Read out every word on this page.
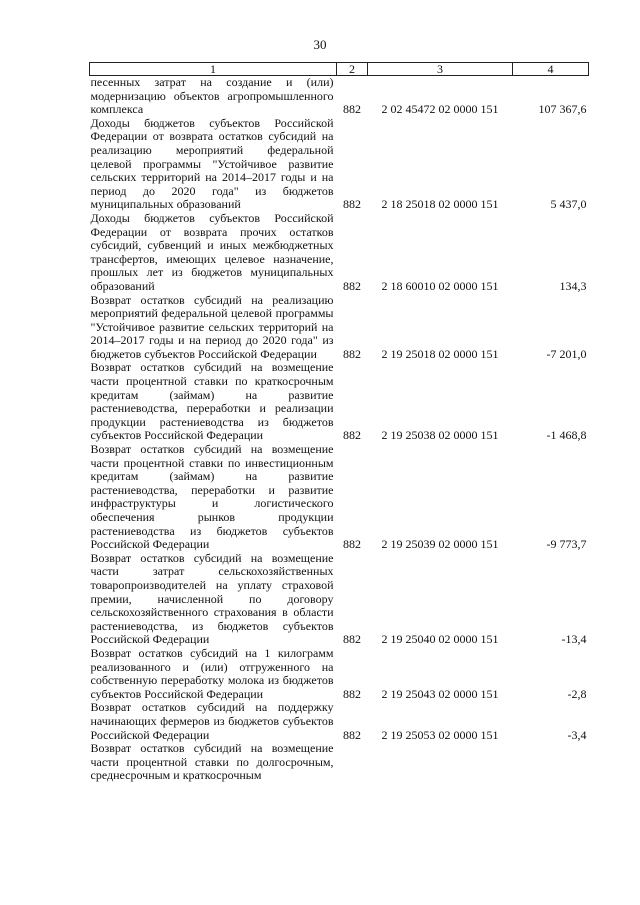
30
1	2	3	4
песенных затрат на создание и (или) модернизацию объектов агропромышленного комплекса	882	2 02 45472 02 0000 151	107 367,6
Доходы бюджетов субъектов Российской Федерации от возврата остатков субсидий на реализацию мероприятий федеральной целевой программы "Устойчивое развитие сельских территорий на 2014–2017 годы и на период до 2020 года" из бюджетов муниципальных образований	882	2 18 25018 02 0000 151	5 437,0
Доходы бюджетов субъектов Российской Федерации от возврата прочих остатков субсидий, субвенций и иных межбюджетных трансфертов, имеющих целевое назначение, прошлых лет из бюджетов муниципальных образований	882	2 18 60010 02 0000 151	134,3
Возврат остатков субсидий на реализацию мероприятий федеральной целевой программы "Устойчивое развитие сельских территорий на 2014–2017 годы и на период до 2020 года" из бюджетов субъектов Российской Федерации	882	2 19 25018 02 0000 151	-7 201,0
Возврат остатков субсидий на возмещение части процентной ставки по краткосрочным кредитам (займам) на развитие растениеводства, переработки и реализации продукции растениеводства из бюджетов субъектов Российской Федерации	882	2 19 25038 02 0000 151	-1 468,8
Возврат остатков субсидий на возмещение части процентной ставки по инвестиционным кредитам (займам) на развитие растениеводства, переработки и развитие инфраструктуры и логистического обеспечения рынков продукции растениеводства из бюджетов субъектов Российской Федерации	882	2 19 25039 02 0000 151	-9 773,7
Возврат остатков субсидий на возмещение части затрат сельскохозяйственных товаропроизводителей на уплату страховой премии, начисленной по договору сельскохозяйственного страхования в области растениеводства, из бюджетов субъектов Российской Федерации	882	2 19 25040 02 0000 151	-13,4
Возврат остатков субсидий на 1 килограмм реализованного и (или) отгруженного на собственную переработку молока из бюджетов субъектов Российской Федерации	882	2 19 25043 02 0000 151	-2,8
Возврат остатков субсидий на поддержку начинающих фермеров из бюджетов субъектов Российской Федерации	882	2 19 25053 02 0000 151	-3,4
Возврат остатков субсидий на возмещение части процентной ставки по долгосрочным, среднесрочным и краткосрочным			
